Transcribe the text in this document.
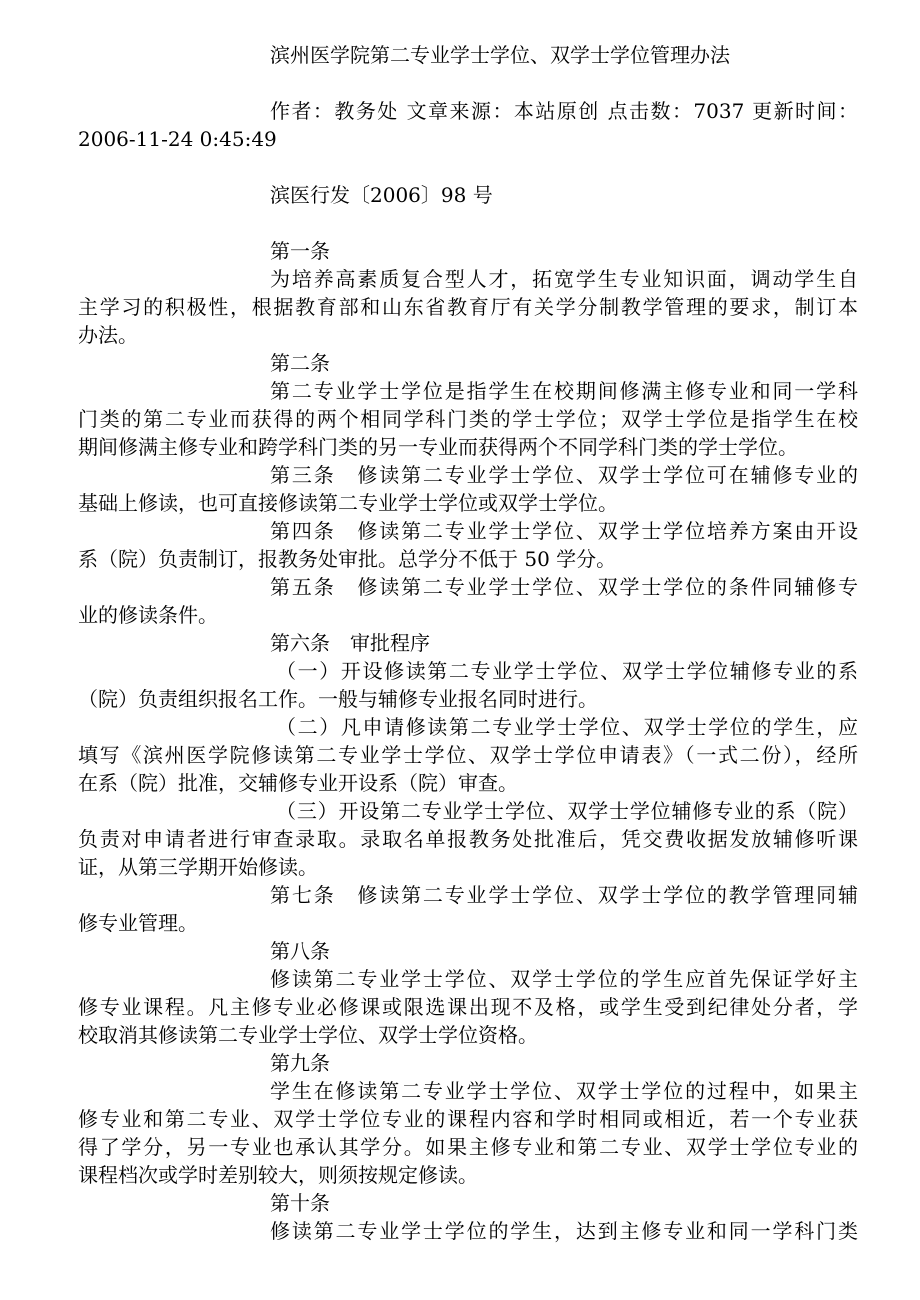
滨州医学院第二专业学士学位、双学士学位管理办法
作者：教务处 文章来源：本站原创 点击数：7037 更新时间：
2006-11-24 0:45:49
滨医行发〔2006〕98 号
第一条
为培养高素质复合型人才，拓宽学生专业知识面，调动学生自
主学习的积极性，根据教育部和山东省教育厅有关学分制教学管理的要求，制订本
办法。
第二条
第二专业学士学位是指学生在校期间修满主修专业和同一学科
门类的第二专业而获得的两个相同学科门类的学士学位；双学士学位是指学生在校
期间修满主修专业和跨学科门类的另一专业而获得两个不同学科门类的学士学位。
第三条　修读第二专业学士学位、双学士学位可在辅修专业的
基础上修读，也可直接修读第二专业学士学位或双学士学位。
第四条　修读第二专业学士学位、双学士学位培养方案由开设
系（院）负责制订，报教务处审批。总学分不低于 50 学分。
第五条　修读第二专业学士学位、双学士学位的条件同辅修专
业的修读条件。
第六条　审批程序
（一）开设修读第二专业学士学位、双学士学位辅修专业的系
（院）负责组织报名工作。一般与辅修专业报名同时进行。
（二）凡申请修读第二专业学士学位、双学士学位的学生，应
填写《滨州医学院修读第二专业学士学位、双学士学位申请表》（一式二份），经所
在系（院）批准，交辅修专业开设系（院）审查。
（三）开设第二专业学士学位、双学士学位辅修专业的系（院）
负责对申请者进行审查录取。录取名单报教务处批准后，凭交费收据发放辅修听课
证，从第三学期开始修读。
第七条　修读第二专业学士学位、双学士学位的教学管理同辅
修专业管理。
第八条
修读第二专业学士学位、双学士学位的学生应首先保证学好主
修专业课程。凡主修专业必修课或限选课出现不及格，或学生受到纪律处分者，学
校取消其修读第二专业学士学位、双学士学位资格。
第九条
学生在修读第二专业学士学位、双学士学位的过程中，如果主
修专业和第二专业、双学士学位专业的课程内容和学时相同或相近，若一个专业获
得了学分，另一专业也承认其学分。如果主修专业和第二专业、双学士学位专业的
课程档次或学时差别较大，则须按规定修读。
第十条
修读第二专业学士学位的学生，达到主修专业和同一学科门类
